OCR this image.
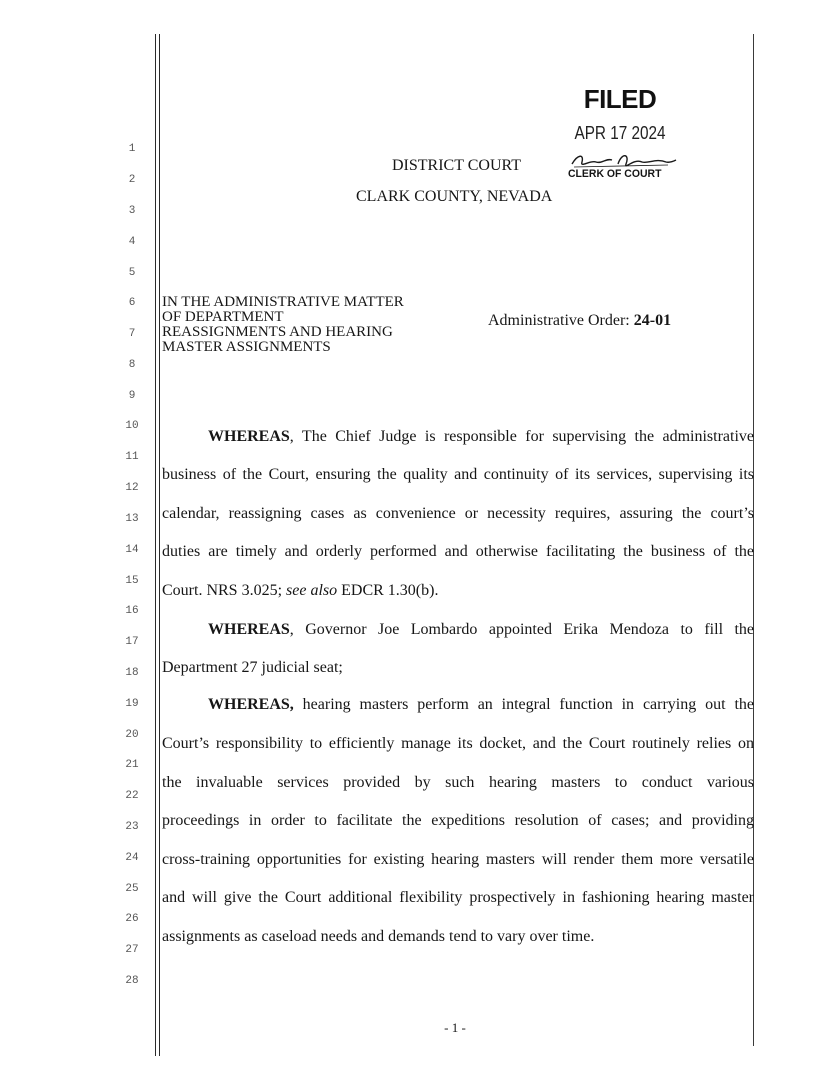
1
2
3
4
5
6
7
8
9
10
11
12
13
14
15
16
17
18
19
20
21
22
23
24
25
26
27
28
FILED
APR 17 2024
CLERK OF COURT
DISTRICT COURT
CLARK COUNTY, NEVADA
IN THE ADMINISTRATIVE MATTER
OF DEPARTMENT
REASSIGNMENTS AND HEARING
MASTER ASSIGNMENTS
Administrative Order: 24-01
WHEREAS, The Chief Judge is responsible for supervising the administrative
business of the Court, ensuring the quality and continuity of its services, supervising its
calendar, reassigning cases as convenience or necessity requires, assuring the court’s
duties are timely and orderly performed and otherwise facilitating the business of the
Court. NRS 3.025; see also EDCR 1.30(b).
WHEREAS, Governor Joe Lombardo appointed Erika Mendoza to fill the
Department 27 judicial seat;
WHEREAS, hearing masters perform an integral function in carrying out the
Court’s responsibility to efficiently manage its docket, and the Court routinely relies on
the invaluable services provided by such hearing masters to conduct various
proceedings in order to facilitate the expeditions resolution of cases; and providing
cross-training opportunities for existing hearing masters will render them more versatile
and will give the Court additional flexibility prospectively in fashioning hearing master
assignments as caseload needs and demands tend to vary over time.
- 1 -
